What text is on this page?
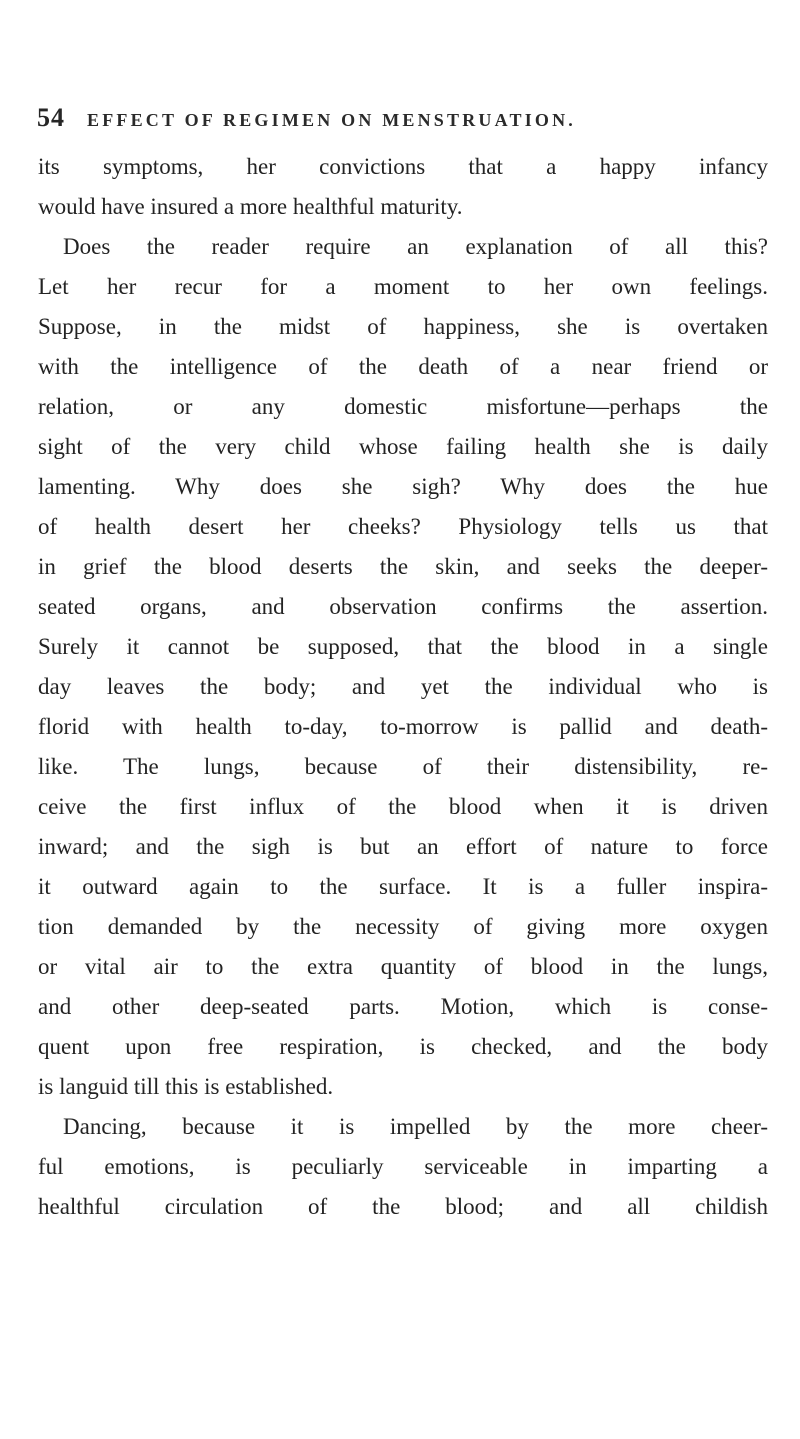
54 EFFECT OF REGIMEN ON MENSTRUATION.
its symptoms, her convictions that a happy infancy
would have insured a more healthful maturity.
Does the reader require an explanation of all this?
Let her recur for a moment to her own feelings.
Suppose, in the midst of happiness, she is overtaken
with the intelligence of the death of a near friend or
relation, or any domestic misfortune—perhaps the
sight of the very child whose failing health she is daily
lamenting. Why does she sigh? Why does the hue
of health desert her cheeks? Physiology tells us that
in grief the blood deserts the skin, and seeks the deeper-
seated organs, and observation confirms the assertion.
Surely it cannot be supposed, that the blood in a single
day leaves the body; and yet the individual who is
florid with health to-day, to-morrow is pallid and death-
like. The lungs, because of their distensibility, re-
ceive the first influx of the blood when it is driven
inward; and the sigh is but an effort of nature to force
it outward again to the surface. It is a fuller inspira-
tion demanded by the necessity of giving more oxygen
or vital air to the extra quantity of blood in the lungs,
and other deep-seated parts. Motion, which is conse-
quent upon free respiration, is checked, and the body
is languid till this is established.
Dancing, because it is impelled by the more cheer-
ful emotions, is peculiarly serviceable in imparting a
healthful circulation of the blood; and all childish
